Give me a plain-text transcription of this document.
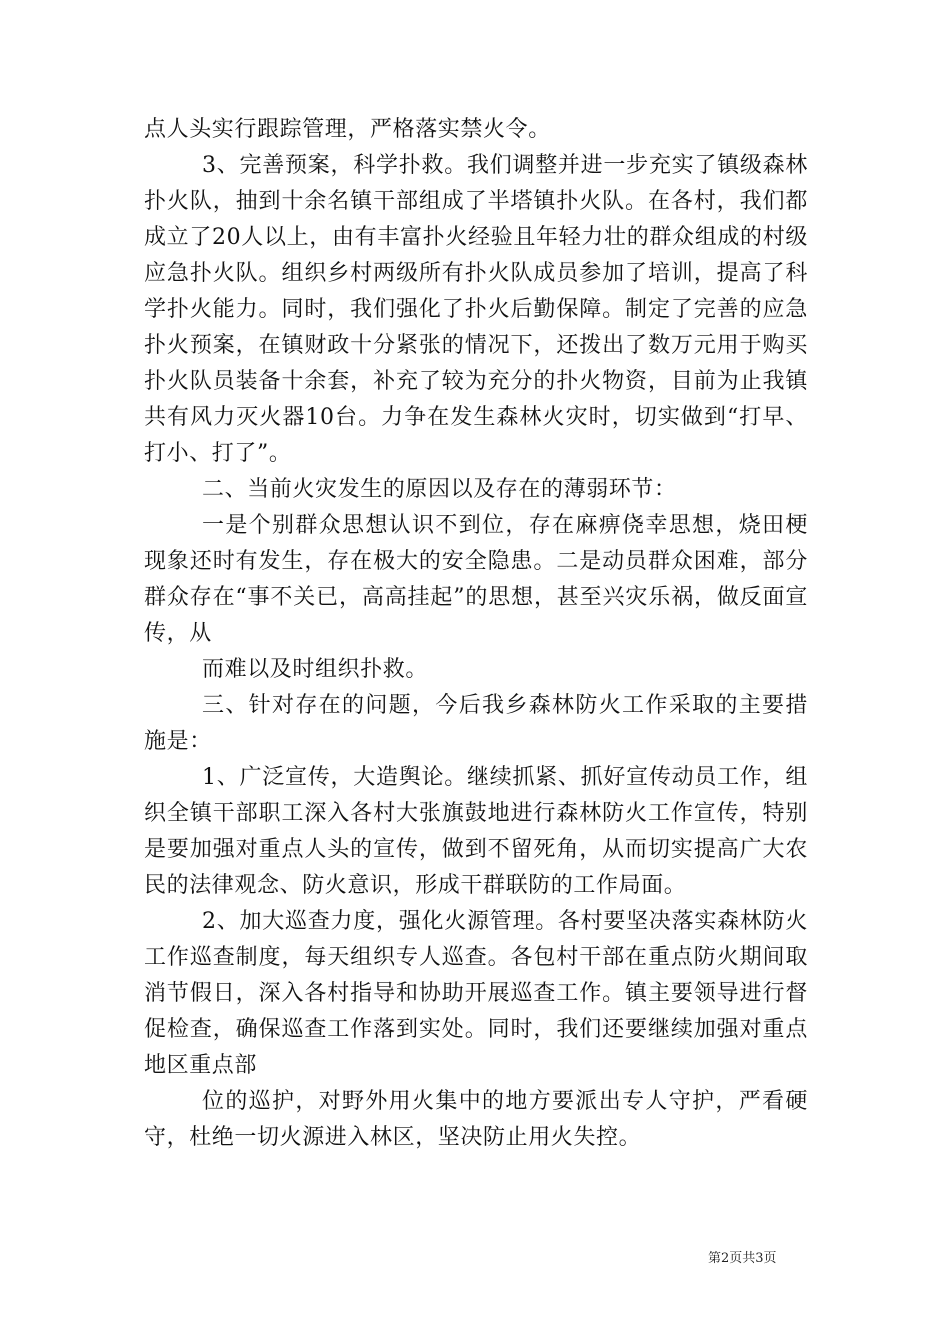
点人头实行跟踪管理，严格落实禁火令。

3、完善预案，科学扑救。我们调整并进一步充实了镇级森林扑火队，抽到十余名镇干部组成了半塔镇扑火队。在各村，我们都成立了20人以上，由有丰富扑火经验且年轻力壮的群众组成的村级应急扑火队。组织乡村两级所有扑火队成员参加了培训，提高了科学扑火能力。同时，我们强化了扑火后勤保障。制定了完善的应急扑火预案，在镇财政十分紧张的情况下，还拨出了数万元用于购买扑火队员装备十余套，补充了较为充分的扑火物资，目前为止我镇共有风力灭火器10台。力争在发生森林火灾时，切实做到“打早、打小、打了”。

二、当前火灾发生的原因以及存在的薄弱环节：

一是个别群众思想认识不到位，存在麻痹侥幸思想，烧田梗现象还时有发生，存在极大的安全隐患。二是动员群众困难，部分群众存在“事不关已，高高挂起”的思想，甚至兴灾乐祸，做反面宣传，从

而难以及时组织扑救。

三、针对存在的问题，今后我乡森林防火工作采取的主要措施是：

1、广泛宣传，大造舆论。继续抓紧、抓好宣传动员工作，组织全镇干部职工深入各村大张旗鼓地进行森林防火工作宣传，特别是要加强对重点人头的宣传，做到不留死角，从而切实提高广大农民的法律观念、防火意识，形成干群联防的工作局面。

2、加大巡查力度，强化火源管理。各村要坚决落实森林防火工作巡查制度，每天组织专人巡查。各包村干部在重点防火期间取消节假日，深入各村指导和协助开展巡查工作。镇主要领导进行督促检查，确保巡查工作落到实处。同时，我们还要继续加强对重点地区重点部

位的巡护，对野外用火集中的地方要派出专人守护，严看硬守，杜绝一切火源进入林区，坚决防止用火失控。

第2页共3页
